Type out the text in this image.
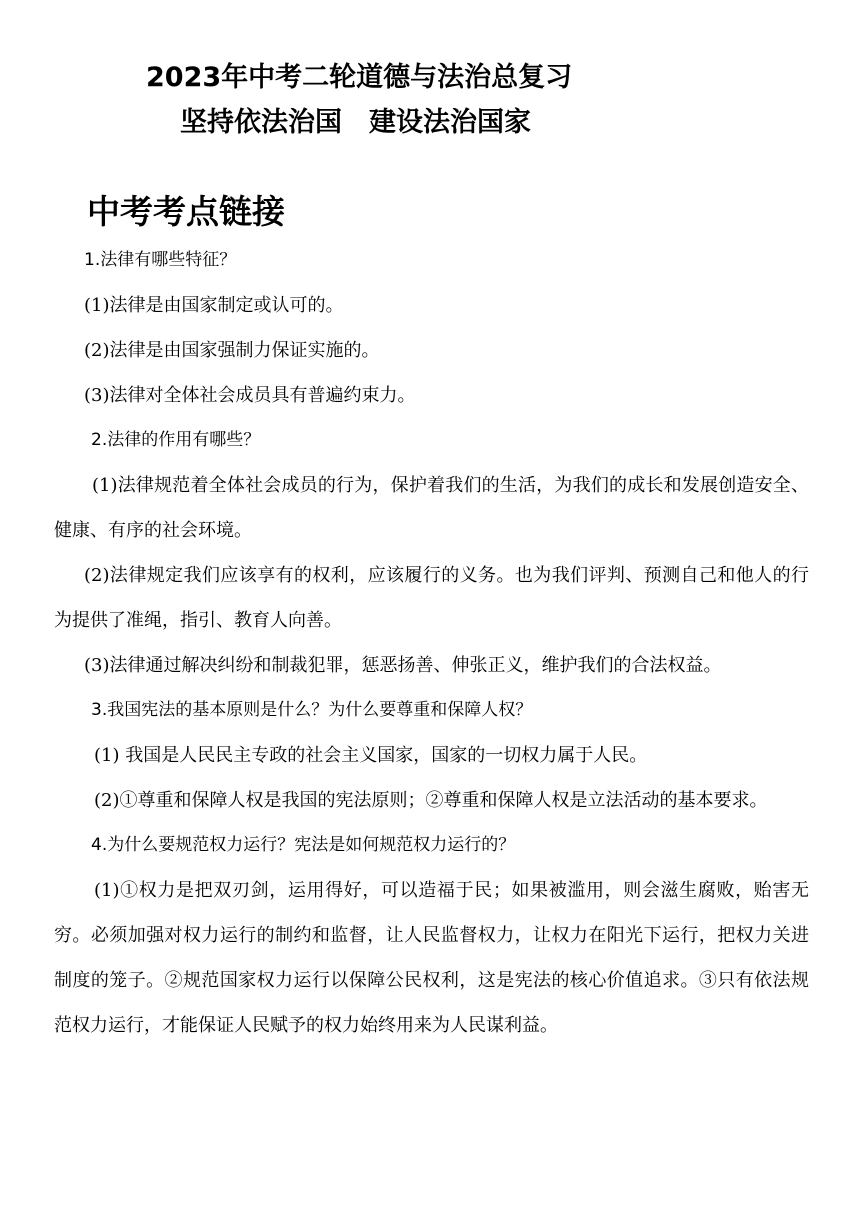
2023年中考二轮道德与法治总复习
坚持依法治国　建设法治国家
中考考点链接

1.法律有哪些特征？

(1)法律是由国家制定或认可的。

(2)法律是由国家强制力保证实施的。

(3)法律对全体社会成员具有普遍约束力。

2.法律的作用有哪些？

(1)法律规范着全体社会成员的行为，保护着我们的生活，为我们的成长和发展创造安全、健康、有序的社会环境。

(2)法律规定我们应该享有的权利，应该履行的义务。也为我们评判、预测自己和他人的行为提供了准绳，指引、教育人向善。

(3)法律通过解决纠纷和制裁犯罪，惩恶扬善、伸张正义，维护我们的合法权益。

3.我国宪法的基本原则是什么？为什么要尊重和保障人权？

(1) 我国是人民民主专政的社会主义国家，国家的一切权力属于人民。

(2)①尊重和保障人权是我国的宪法原则；②尊重和保障人权是立法活动的基本要求。

4.为什么要规范权力运行？宪法是如何规范权力运行的？

(1)①权力是把双刃剑，运用得好，可以造福于民；如果被滥用，则会滋生腐败，贻害无穷。必须加强对权力运行的制约和监督，让人民监督权力，让权力在阳光下运行，把权力关进制度的笼子。②规范国家权力运行以保障公民权利，这是宪法的核心价值追求。③只有依法规范权力运行，才能保证人民赋予的权力始终用来为人民谋利益。
